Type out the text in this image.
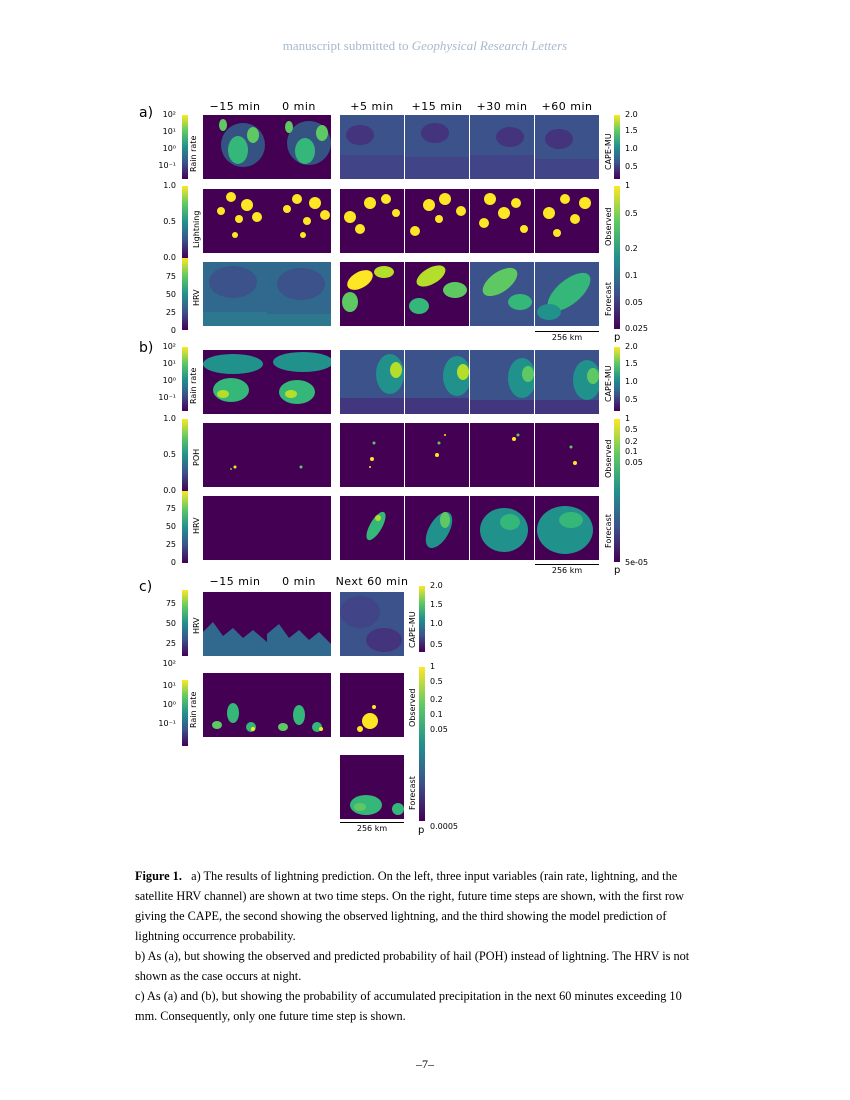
manuscript submitted to Geophysical Research Letters
a)	−15 min	0 min	+5 min	+15 min	+30 min	+60 min
10²
10¹
10⁰
10⁻¹ Rain rate
2.0
1.5
1.0
0.5
CAPE-MU
1.0
0.5
0.0
Lightning
75
50
25
0
HRV
1
0.5
0.2
0.1
0.05
0.025
Observed
Forecast
p
256 km
b)	10²
10¹
10⁰
10⁻¹ Rain rate
2.0
1.5
1.0
0.5
CAPE-MU
1.0
0.5
0.0
POH
75
50
25
0
HRV
1
0.5
0.2
0.1
0.05
5e-05
Observed
Forecast
p
256 km
c)	−15 min	0 min	Next 60 min
75
50
25
HRV
2.0
1.5
1.0
0.5
CAPE-MU
10²
10¹
10⁰
10⁻¹ Rain rate
1
0.5
0.2
0.1
0.05
0.0005
Observed
Forecast
p
256 km

Figure 1. a) The results of lightning prediction. On the left, three input variables (rain rate, lightning, and the satellite HRV channel) are shown at two time steps. On the right, future time steps are shown, with the first row giving the CAPE, the second showing the observed lightning, and the third showing the model prediction of lightning occurrence probability.

b) As (a), but showing the observed and predicted probability of hail (POH) instead of lightning. The HRV is not shown as the case occurs at night.

c) As (a) and (b), but showing the probability of accumulated precipitation in the next 60 minutes exceeding 10 mm. Consequently, only one future time step is shown.

–7–
